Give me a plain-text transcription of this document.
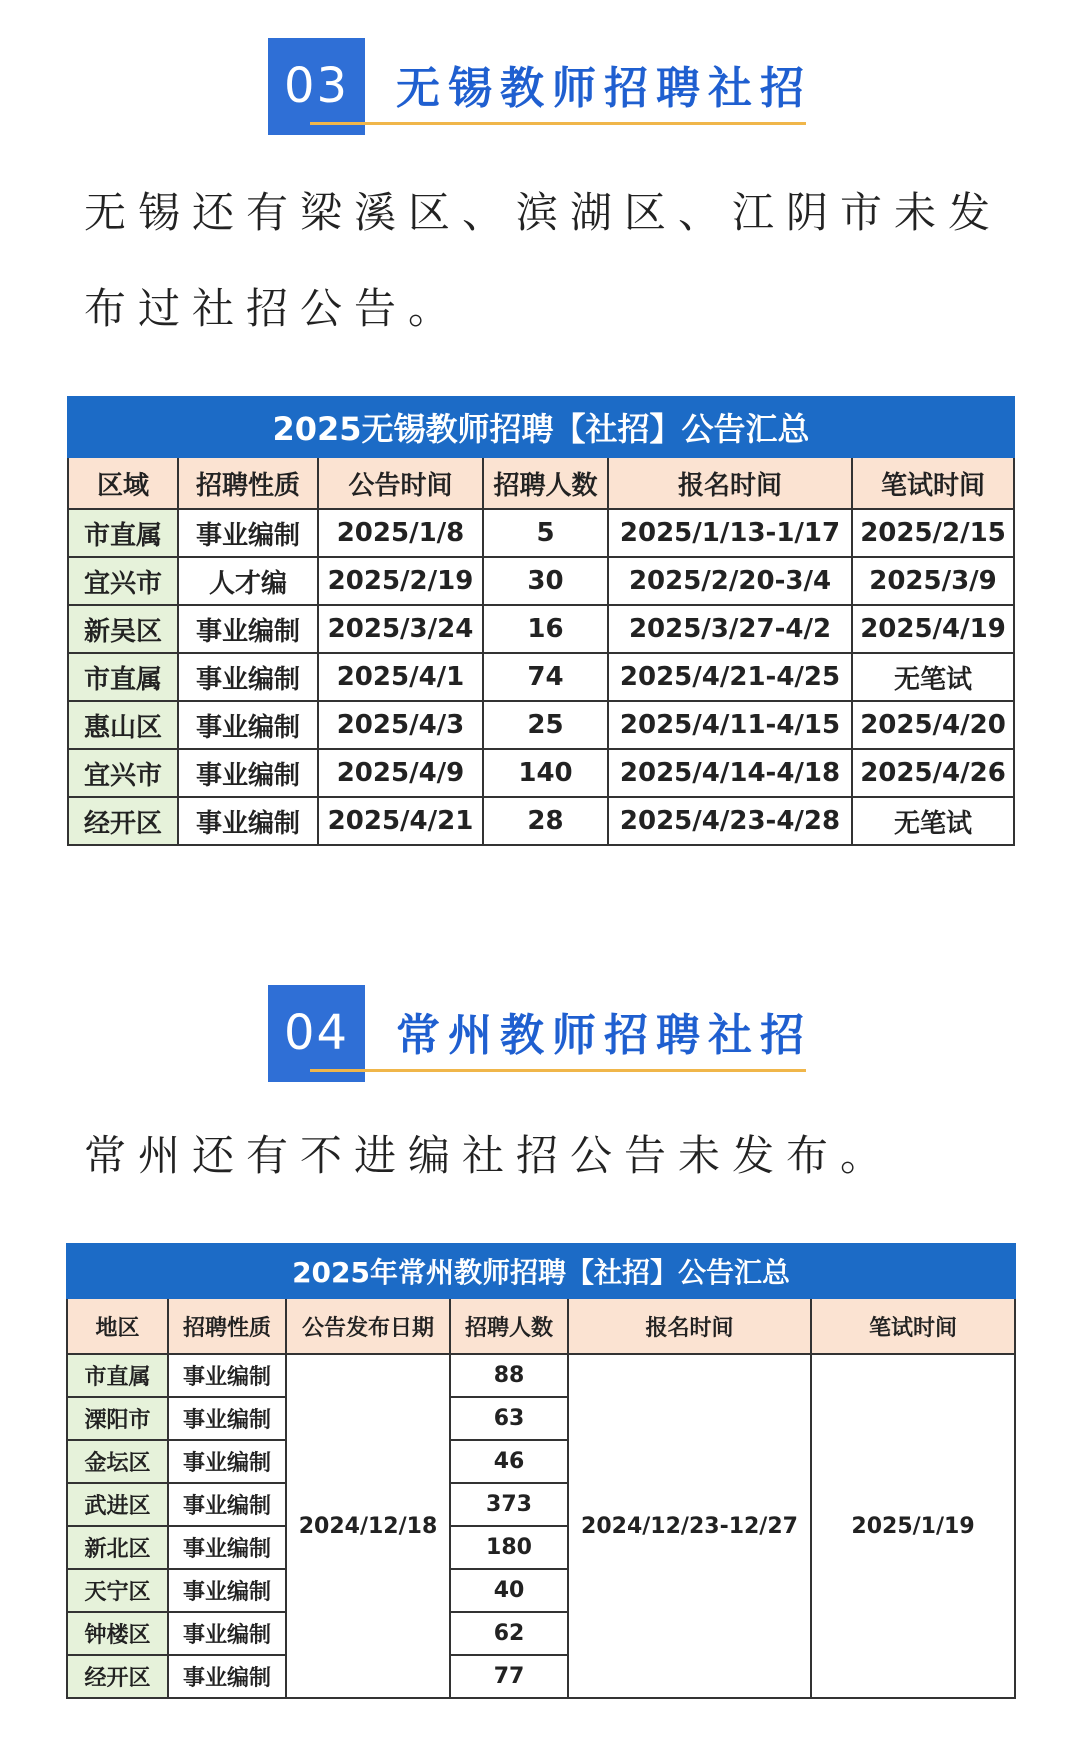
03	无锡教师招聘社招
无锡还有梁溪区、滨湖区、江阴市未发布过社招公告。
2025无锡教师招聘【社招】公告汇总					
区域	招聘性质	公告时间	招聘人数	报名时间	笔试时间
市直属	事业编制	2025/1/8	5	2025/1/13-1/17	2025/2/15
宜兴市	人才编	2025/2/19	30	2025/2/20-3/4	2025/3/9
新吴区	事业编制	2025/3/24	16	2025/3/27-4/2	2025/4/19
市直属	事业编制	2025/4/1	74	2025/4/21-4/25	无笔试
惠山区	事业编制	2025/4/3	25	2025/4/11-4/15	2025/4/20
宜兴市	事业编制	2025/4/9	140	2025/4/14-4/18	2025/4/26
经开区	事业编制	2025/4/21	28	2025/4/23-4/28	无笔试
04	常州教师招聘社招
常州还有不进编社招公告未发布。
2025年常州教师招聘【社招】公告汇总					
地区	招聘性质	公告发布日期	招聘人数	报名时间	笔试时间
市直属	事业编制	2024/12/18	88	2024/12/23-12/27	2025/1/19
溧阳市	事业编制		63		
金坛区	事业编制		46		
武进区	事业编制		373		
新北区	事业编制		180		
天宁区	事业编制		40		
钟楼区	事业编制		62		
经开区	事业编制		77		
